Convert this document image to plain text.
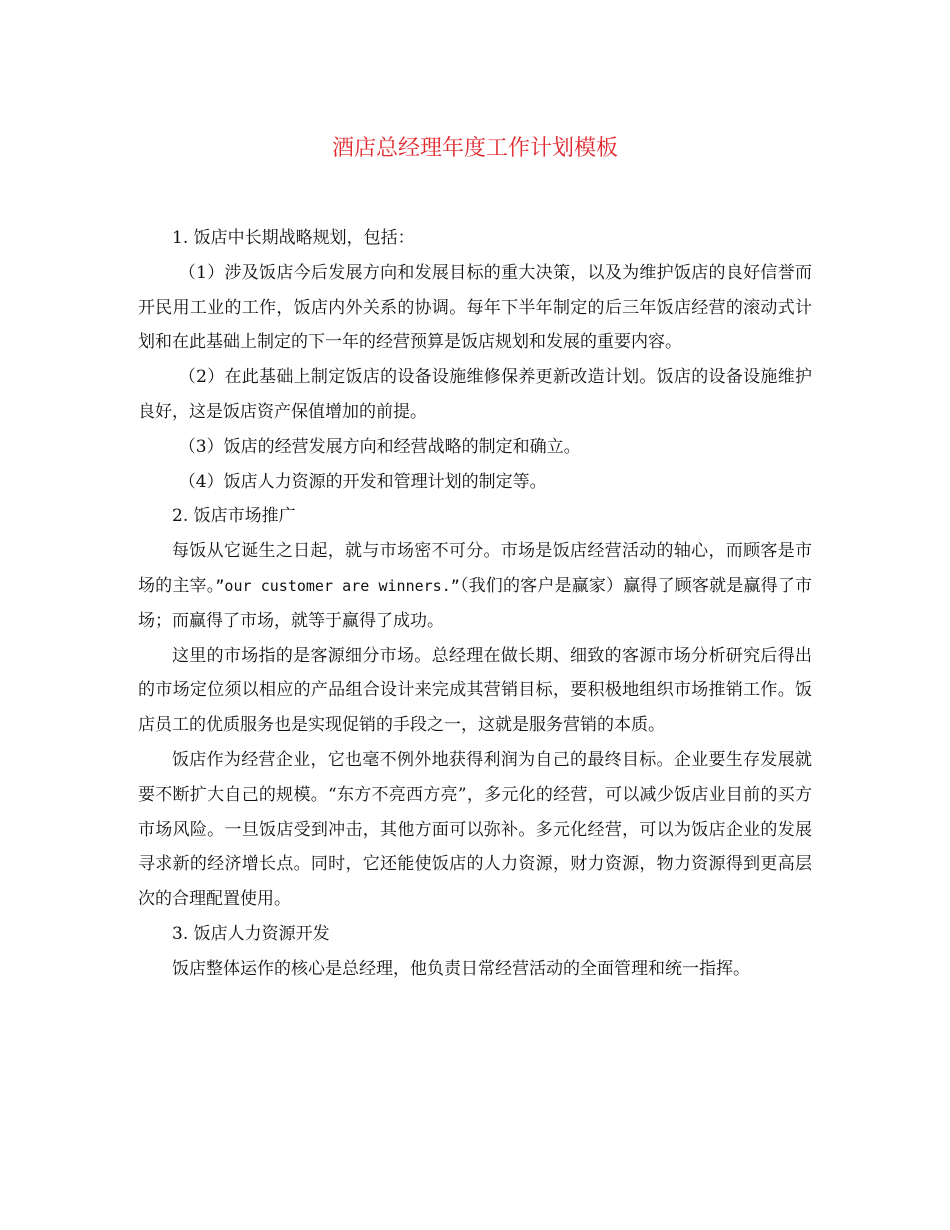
酒店总经理年度工作计划模板

1. 饭店中长期战略规划，包括：

（1）涉及饭店今后发展方向和发展目标的重大决策，以及为维护饭店的良好信誉而开民用工业的工作，饭店内外关系的协调。每年下半年制定的后三年饭店经营的滚动式计划和在此基础上制定的下一年的经营预算是饭店规划和发展的重要内容。

（2）在此基础上制定饭店的设备设施维修保养更新改造计划。饭店的设备设施维护良好，这是饭店资产保值增加的前提。

（3）饭店的经营发展方向和经营战略的制定和确立。

（4）饭店人力资源的开发和管理计划的制定等。

2. 饭店市场推广

每饭从它诞生之日起，就与市场密不可分。市场是饭店经营活动的轴心，而顾客是市场的主宰。”our customer are winners.”（我们的客户是赢家）赢得了顾客就是赢得了市场；而赢得了市场，就等于赢得了成功。

这里的市场指的是客源细分市场。总经理在做长期、细致的客源市场分析研究后得出的市场定位须以相应的产品组合设计来完成其营销目标，要积极地组织市场推销工作。饭店员工的优质服务也是实现促销的手段之一，这就是服务营销的本质。

饭店作为经营企业，它也毫不例外地获得利润为自己的最终目标。企业要生存发展就要不断扩大自己的规模。“东方不亮西方亮”，多元化的经营，可以减少饭店业目前的买方市场风险。一旦饭店受到冲击，其他方面可以弥补。多元化经营，可以为饭店企业的发展寻求新的经济增长点。同时，它还能使饭店的人力资源，财力资源，物力资源得到更高层次的合理配置使用。

3. 饭店人力资源开发

饭店整体运作的核心是总经理，他负责日常经营活动的全面管理和统一指挥。
